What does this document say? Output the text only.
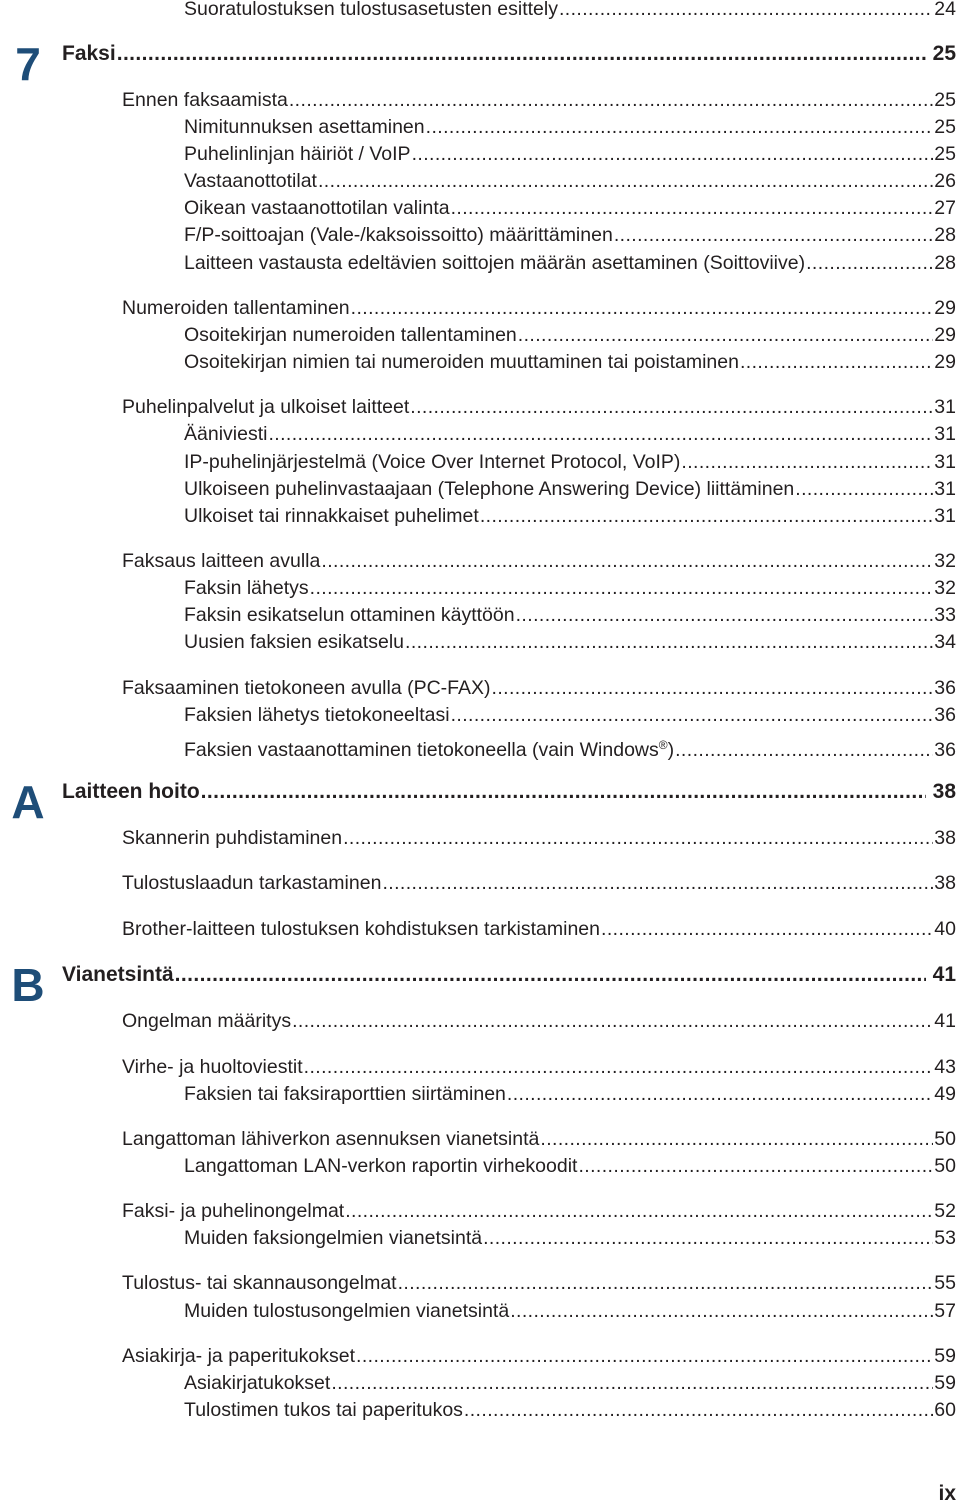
7
A
B
Suoratulostuksen tulostusasetusten esittely .....	24
Faksi .....	25
Ennen faksaamista .....	25
Nimitunnuksen asettaminen .....	25
Puhelinlinjan häiriöt / VoIP .....	25
Vastaanottotilat .....	26
Oikean vastaanottotilan valinta .....	27
F/P-soittoajan (Vale-/kaksoissoitto) määrittäminen .....	28
Laitteen vastausta edeltävien soittojen määrän asettaminen (Soittoviive) .....	28
Numeroiden tallentaminen .....	29
Osoitekirjan numeroiden tallentaminen .....	29
Osoitekirjan nimien tai numeroiden muuttaminen tai poistaminen .....	29
Puhelinpalvelut ja ulkoiset laitteet .....	31
Ääniviesti .....	31
IP-puhelinjärjestelmä (Voice Over Internet Protocol, VoIP) .....	31
Ulkoiseen puhelinvastaajaan (Telephone Answering Device) liittäminen .....	31
Ulkoiset tai rinnakkaiset puhelimet .....	31
Faksaus laitteen avulla .....	32
Faksin lähetys .....	32
Faksin esikatselun ottaminen käyttöön .....	33
Uusien faksien esikatselu .....	34
Faksaaminen tietokoneen avulla (PC-FAX) .....	36
Faksien lähetys tietokoneeltasi .....	36
Faksien vastaanottaminen tietokoneella (vain Windows®) .....	36
Laitteen hoito .....	38
Skannerin puhdistaminen .....	38
Tulostuslaadun tarkastaminen .....	38
Brother-laitteen tulostuksen kohdistuksen tarkistaminen .....	40
Vianetsintä .....	41
Ongelman määritys .....	41
Virhe- ja huoltoviestit .....	43
Faksien tai faksiraporttien siirtäminen .....	49
Langattoman lähiverkon asennuksen vianetsintä .....	50
Langattoman LAN-verkon raportin virhekoodit .....	50
Faksi- ja puhelinongelmat .....	52
Muiden faksiongelmien vianetsintä .....	53
Tulostus- tai skannausongelmat .....	55
Muiden tulostusongelmien vianetsintä .....	57
Asiakirja- ja paperitukokset .....	59
Asiakirjatukokset .....	59
Tulostimen tukos tai paperitukos .....	60
ix
